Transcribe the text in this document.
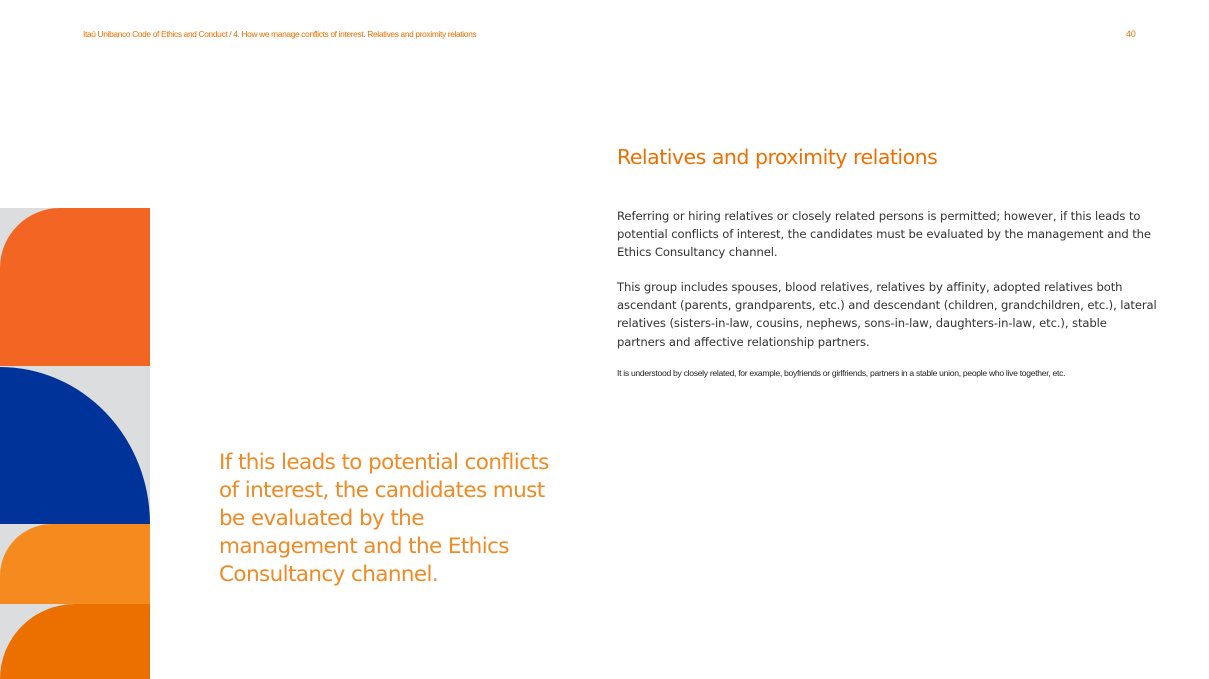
Itaú Unibanco Code of Ethics and Conduct / 4. How we manage conflicts of interest. Relatives and proximity relations	40
If this leads to potential conflicts of interest, the candidates must be evaluated by the management and the Ethics Consultancy channel.
Relatives and proximity relations

Referring or hiring relatives or closely related persons is permitted; however, if this leads to potential conflicts of interest, the candidates must be evaluated by the management and the Ethics Consultancy channel.

This group includes spouses, blood relatives, relatives by affinity, adopted relatives both ascendant (parents, grandparents, etc.) and descendant (children, grandchildren, etc.), lateral relatives (sisters-in-law, cousins, nephews, sons-in-law, daughters-in-law, etc.), stable partners and affective relationship partners.

It is understood by closely related, for example, boyfriends or girlfriends, partners in a stable union, people who live together, etc.
